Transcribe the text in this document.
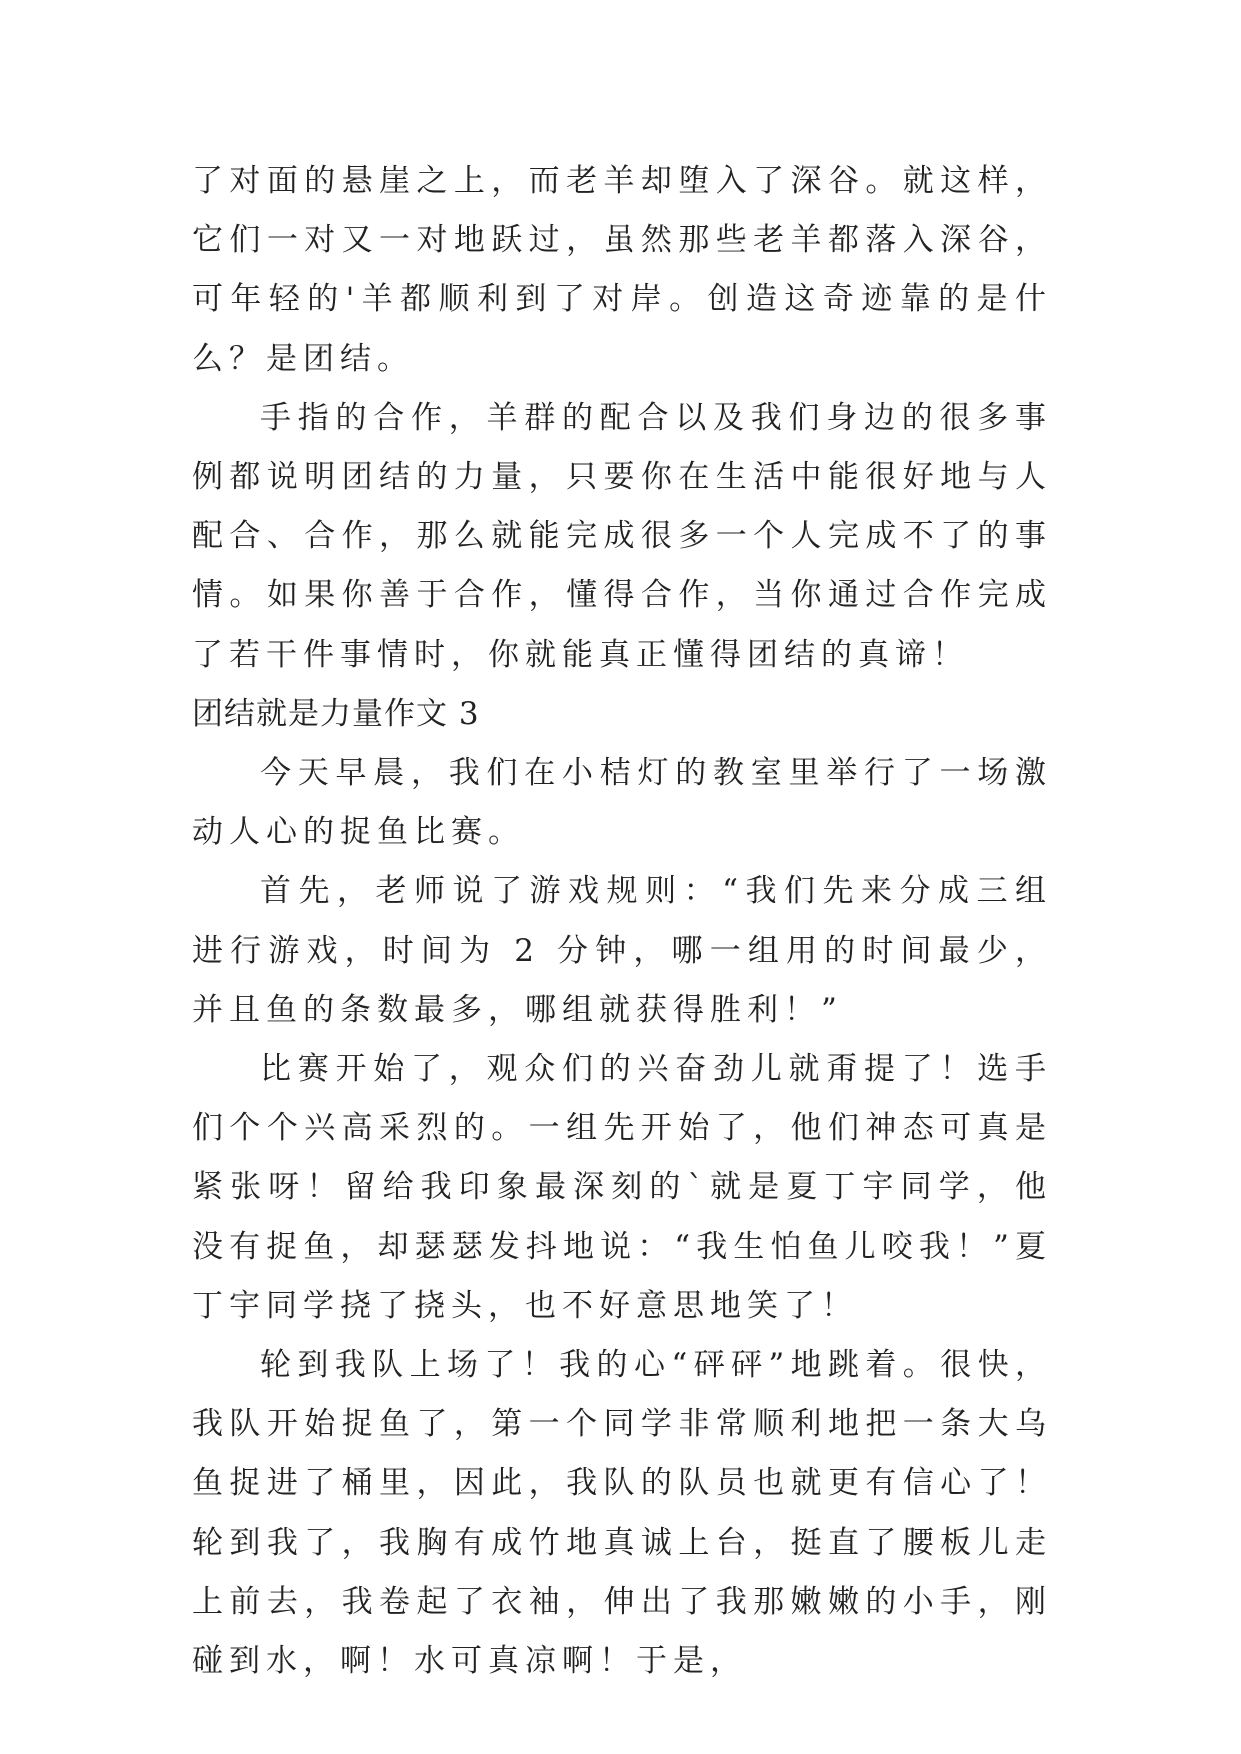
了对面的悬崖之上，而老羊却堕入了深谷。就这样，它们一对又一对地跃过，虽然那些老羊都落入深谷，可年轻的'羊都顺利到了对岸。创造这奇迹靠的是什么？是团结。

手指的合作，羊群的配合以及我们身边的很多事例都说明团结的力量，只要你在生活中能很好地与人配合、合作，那么就能完成很多一个人完成不了的事情。如果你善于合作，懂得合作，当你通过合作完成了若干件事情时，你就能真正懂得团结的真谛！

团结就是力量作文 3

今天早晨，我们在小桔灯的教室里举行了一场激动人心的捉鱼比赛。

首先，老师说了游戏规则：“我们先来分成三组进行游戏，时间为 2 分钟，哪一组用的时间最少，并且鱼的条数最多，哪组就获得胜利！”

比赛开始了，观众们的兴奋劲儿就甭提了！选手们个个兴高采烈的。一组先开始了，他们神态可真是紧张呀！留给我印象最深刻的`就是夏丁宇同学，他没有捉鱼，却瑟瑟发抖地说：“我生怕鱼儿咬我！”夏丁宇同学挠了挠头，也不好意思地笑了！

轮到我队上场了！我的心“砰砰”地跳着。很快，我队开始捉鱼了，第一个同学非常顺利地把一条大乌鱼捉进了桶里，因此，我队的队员也就更有信心了！轮到我了，我胸有成竹地真诚上台，挺直了腰板儿走上前去，我卷起了衣袖，伸出了我那嫩嫩的小手，刚碰到水，啊！水可真凉啊！于是，
